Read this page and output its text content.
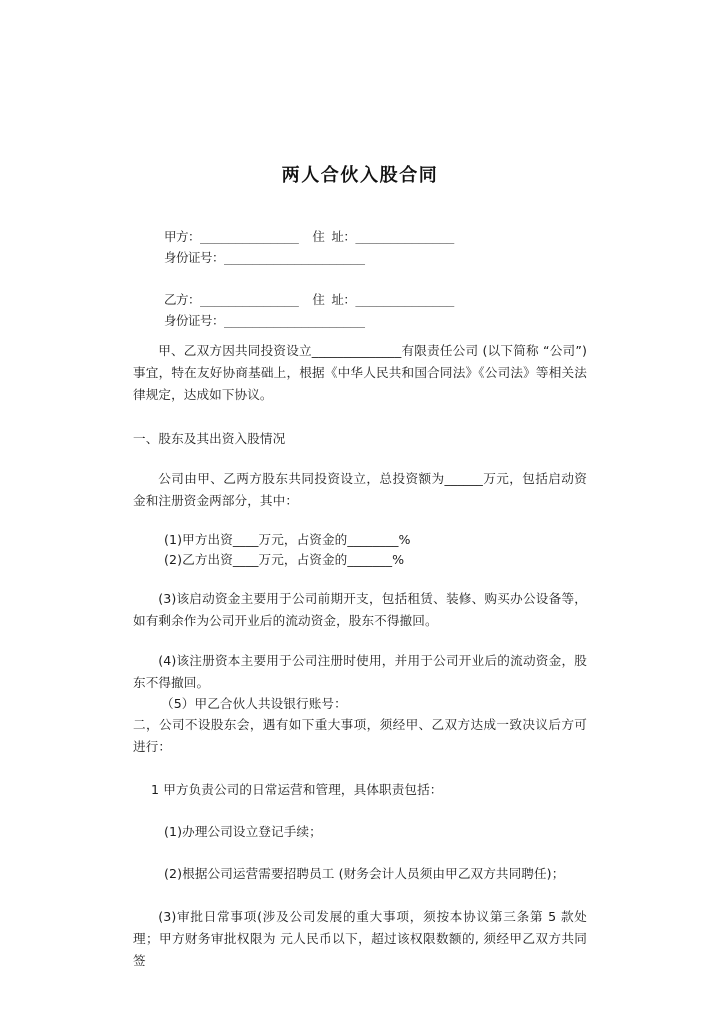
两人合伙入股合同
甲方：______________  住 址：______________
身份证号：____________________
乙方：______________  住 址：______________
身份证号：____________________

甲、乙双方因共同投资设立______________有限责任公司 (以下简称 “公司”)事宜，特在友好协商基础上，根据《中华人民共和国合同法》《公司法》等相关法律规定，达成如下协议。

一、股东及其出资入股情况

公司由甲、乙两方股东共同投资设立，总投资额为______万元，包括启动资金和注册资金两部分，其中：

(1)甲方出资____万元，占资金的________%

(2)乙方出资____万元，占资金的_______%

(3)该启动资金主要用于公司前期开支，包括租赁、装修、购买办公设备等，如有剩余作为公司开业后的流动资金，股东不得撤回。

(4)该注册资本主要用于公司注册时使用，并用于公司开业后的流动资金，股东不得撤回。

（5）甲乙合伙人共设银行账号：

二，公司不设股东会，遇有如下重大事项，须经甲、乙双方达成一致决议后方可进行：

1 甲方负责公司的日常运营和管理，具体职责包括：

(1)办理公司设立登记手续；

(2)根据公司运营需要招聘员工 (财务会计人员须由甲乙双方共同聘任)；

(3)审批日常事项(涉及公司发展的重大事项，须按本协议第三条第 5 款处理；甲方财务审批权限为 元人民币以下，超过该权限数额的, 须经甲乙双方共同签
